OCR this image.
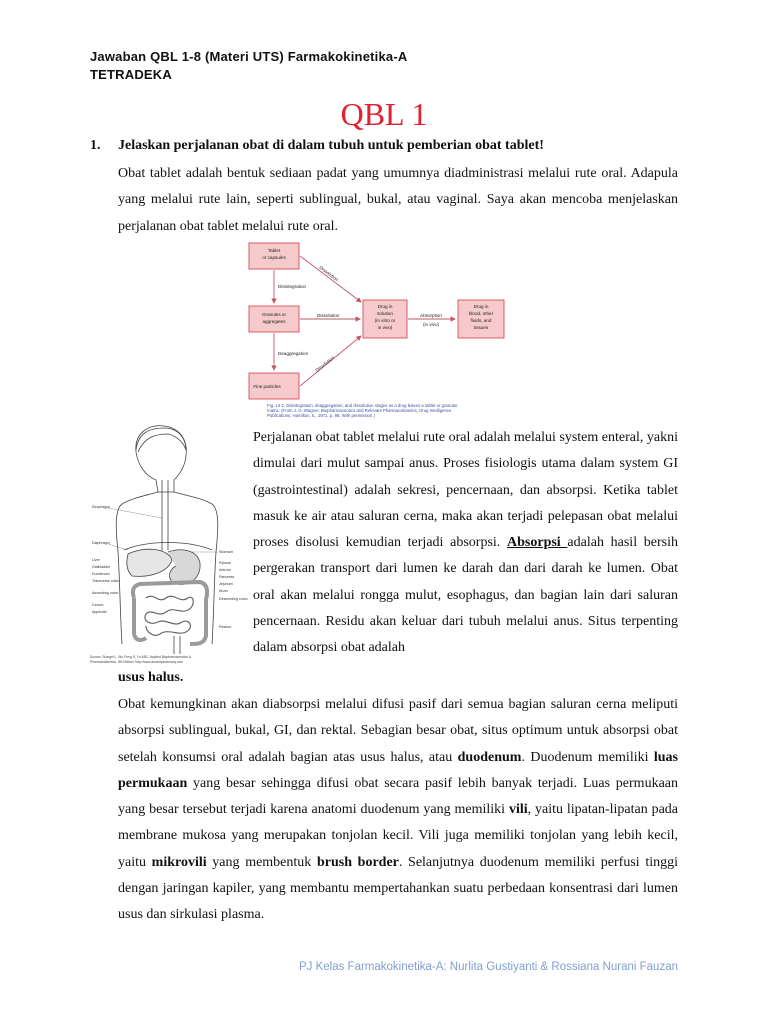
Jawaban QBL 1-8 (Materi UTS) Farmakokinetika-A
TETRADEKA
QBL 1
1. Jelaskan perjalanan obat di dalam tubuh untuk pemberian obat tablet!
Obat tablet adalah bentuk sediaan padat yang umumnya diadministrasi melalui rute oral. Adapula yang melalui rute lain, seperti sublingual, bukal, atau vaginal. Saya akan mencoba menjelaskan perjalanan obat tablet melalui rute oral.
Tablet
or capsules
Granules or
aggregates
Fine particles
Drug in
solution
(in vitro or
in vivo)
Drug in
blood, other
fluids, and
tissues
Disintegration
Deaggregation
Dissolution
Dissolution
Dissolution
Absorption
(in vivo)
Fig. 13-1. Disintegration, deaggregation, and dissolution stages as a drug leaves a tablet or granular
matrix. (From J. G. Wagner, Biopharmaceutics and Relevant Pharmacokinetics, Drug Intelligence
Publications, Hamilton, IL, 1971, p. 98. With permission.)
Esophagus
Diaphragm
Liver
Gallbladder
Duodenum
Transverse colon
Ascending colon
Cecum
Appendix
Stomach
Pylorus
Antrum
Pancreas
Jejunum
Ileum
Descending colon
Rectum
Source: Shargel L, Wu-Pong S, Yu ABC: Applied Biopharmaceutics &
Pharmacokinetics, 5th Edition: http://www.accesspharmacy.com
Perjalanan obat tablet melalui rute oral adalah melalui system enteral, yakni dimulai dari mulut sampai anus. Proses fisiologis utama dalam system GI (gastrointestinal) adalah sekresi, pencernaan, dan absorpsi. Ketika tablet masuk ke air atau saluran cerna, maka akan terjadi pelepasan obat melalui proses disolusi kemudian terjadi absorpsi. Absorpsi adalah hasil bersih pergerakan transport dari lumen ke darah dan dari darah ke lumen. Obat oral akan melalui rongga mulut, esophagus, dan bagian lain dari saluran pencernaan. Residu akan keluar dari tubuh melalui anus. Situs terpenting dalam absorpsi obat adalah
usus halus.
Obat kemungkinan akan diabsorpsi melalui difusi pasif dari semua bagian saluran cerna meliputi absorpsi sublingual, bukal, GI, dan rektal. Sebagian besar obat, situs optimum untuk absorpsi obat setelah konsumsi oral adalah bagian atas usus halus, atau duodenum. Duodenum memiliki luas permukaan yang besar sehingga difusi obat secara pasif lebih banyak terjadi. Luas permukaan yang besar tersebut terjadi karena anatomi duodenum yang memiliki vili, yaitu lipatan-lipatan pada membrane mukosa yang merupakan tonjolan kecil. Vili juga memiliki tonjolan yang lebih kecil, yaitu mikrovili yang membentuk brush border. Selanjutnya duodenum memiliki perfusi tinggi dengan jaringan kapiler, yang membantu mempertahankan suatu perbedaan konsentrasi dari lumen usus dan sirkulasi plasma.
PJ Kelas Farmakokinetika-A: Nurlita Gustiyanti & Rossiana Nurani Fauzan
